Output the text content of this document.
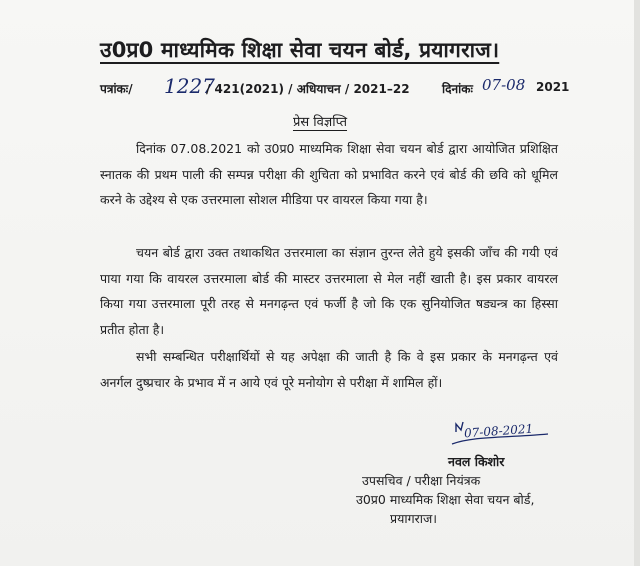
उ0प्र0 माध्यमिक शिक्षा सेवा चयन बोर्ड, प्रयागराज।
पत्रांकः/ 1227
/ 421(2021) / अधियाचन / 2021–22	दिनांकः 07-08 2021
प्रेस विज्ञप्ति

दिनांक 07.08.2021 को उ0प्र0 माध्यमिक शिक्षा सेवा चयन बोर्ड द्वारा आयोजित प्रशिक्षित स्नातक की प्रथम पाली की सम्पन्न परीक्षा की शुचिता को प्रभावित करने एवं बोर्ड की छवि को धूमिल करने के उद्देश्य से एक उत्तरमाला सोशल मीडिया पर वायरल किया गया है।

चयन बोर्ड द्वारा उक्त तथाकथित उत्तरमाला का संज्ञान तुरन्त लेते हुये इसकी जाँच की गयी एवं पाया गया कि वायरल उत्तरमाला बोर्ड की मास्टर उत्तरमाला से मेल नहीं खाती है। इस प्रकार वायरल किया गया उत्तरमाला पूरी तरह से मनगढ़न्त एवं फर्जी है जो कि एक सुनियोजित षड्यन्त्र का हिस्सा प्रतीत होता है।

सभी सम्बन्धित परीक्षार्थियों से यह अपेक्षा की जाती है कि वे इस प्रकार के मनगढ़न्त एवं अनर्गल दुष्प्रचार के प्रभाव में न आये एवं पूरे मनोयोग से परीक्षा में शामिल हों।

07-08-2021
नवल किशोर
उपसचिव / परीक्षा नियंत्रक
उ0प्र0 माध्यमिक शिक्षा सेवा चयन बोर्ड,
प्रयागराज।
